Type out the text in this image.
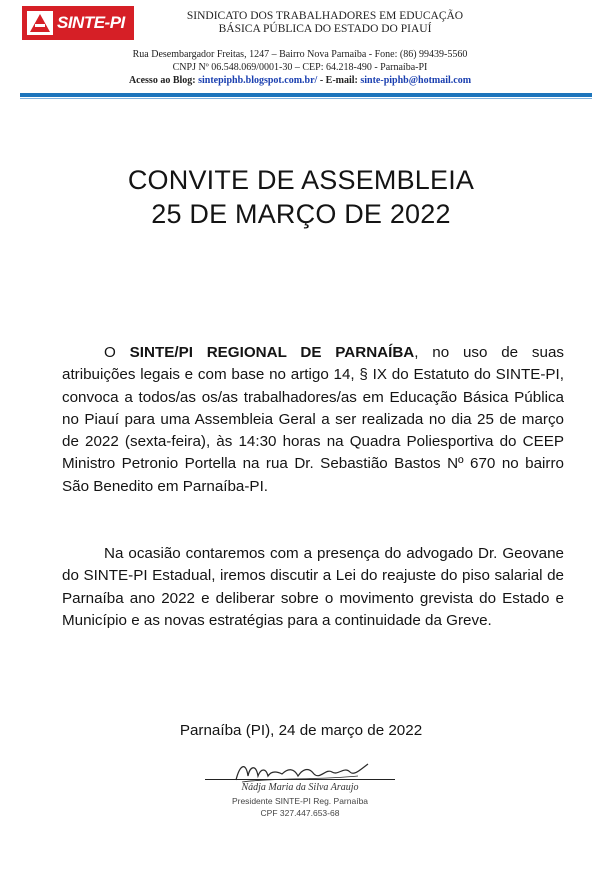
SINTE-PI	SINDICATO DOS TRABALHADORES EM EDUCAÇÃO
BÁSICA PÚBLICA DO ESTADO DO PIAUÍ
Rua Desembargador Freitas, 1247 – Bairro Nova Parnaíba - Fone: (86) 99439-5560
CNPJ Nº 06.548.069/0001-30 – CEP: 64.218-490 - Parnaíba-PI
Acesso ao Blog: sintepiphb.blogspot.com.br/ - E-mail: sinte-piphb@hotmail.com
CONVITE DE ASSEMBLEIA
25 DE MARÇO DE 2022
O SINTE/PI REGIONAL DE PARNAÍBA, no uso de suas atribuições legais e com base no artigo 14, § IX do Estatuto do SINTE-PI, convoca a todos/as os/as trabalhadores/as em Educação Básica Pública no Piauí para uma Assembleia Geral a ser realizada no dia 25 de março de 2022 (sexta-feira), às 14:30 horas na Quadra Poliesportiva do CEEP Ministro Petronio Portella na rua Dr. Sebastião Bastos Nº 670 no bairro São Benedito em Parnaíba-PI.
Na ocasião contaremos com a presença do advogado Dr. Geovane do SINTE-PI Estadual, iremos discutir a Lei do reajuste do piso salarial de Parnaíba ano 2022 e deliberar sobre o movimento grevista do Estado e Município e as novas estratégias para a continuidade da Greve.
Parnaíba (PI), 24 de março de 2022
Nádja Maria da Silva Araujo
Presidente SINTE-PI Reg. Parnaíba
CPF 327.447.653-68
